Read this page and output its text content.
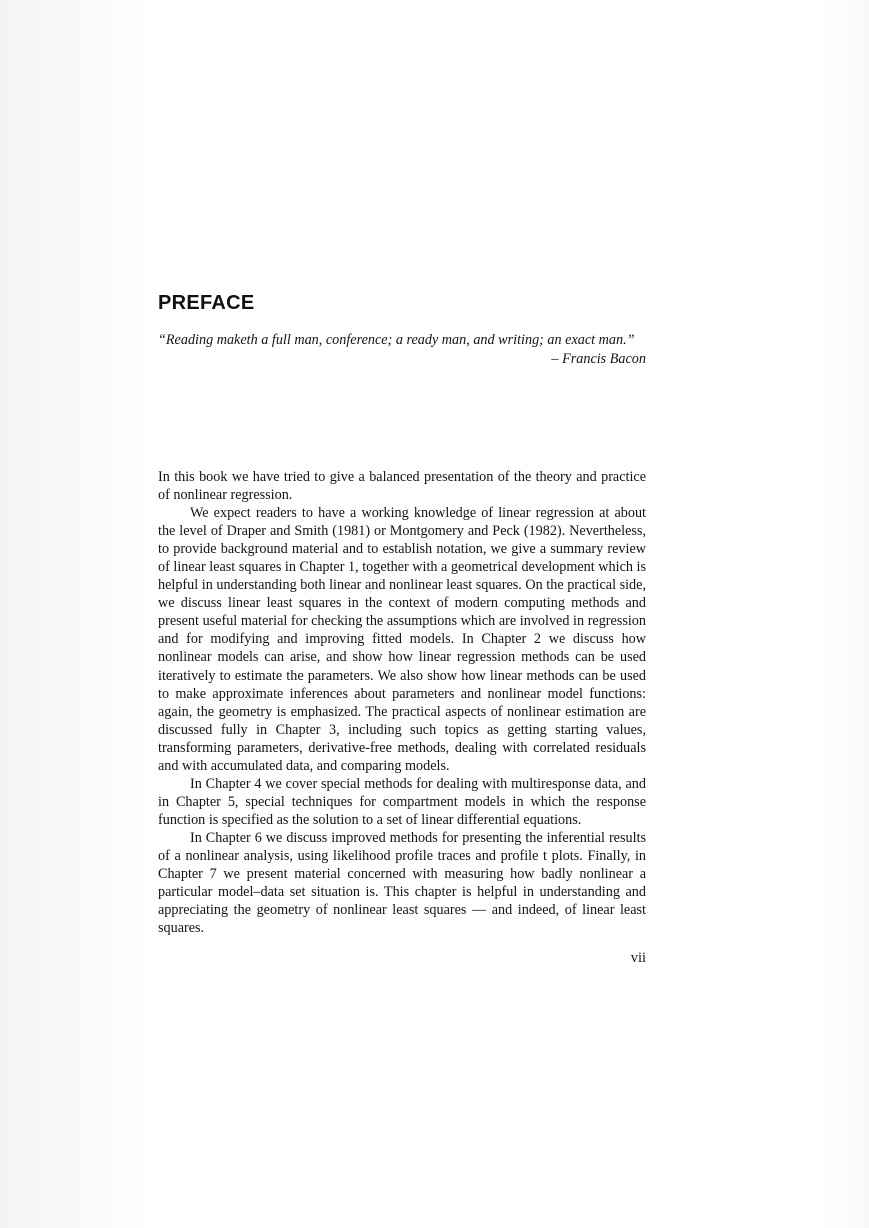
PREFACE

“Reading maketh a full man, conference; a ready man, and writing; an exact man.”

– Francis Bacon

In this book we have tried to give a balanced presentation of the theory and practice of nonlinear regression.

We expect readers to have a working knowledge of linear regression at about the level of Draper and Smith (1981) or Montgomery and Peck (1982). Nevertheless, to provide background material and to establish notation, we give a summary review of linear least squares in Chapter 1, together with a geometrical development which is helpful in understanding both linear and nonlinear least squares. On the practical side, we discuss linear least squares in the context of modern computing methods and present useful material for checking the assumptions which are involved in regression and for modifying and improving fitted models. In Chapter 2 we discuss how nonlinear models can arise, and show how linear regression methods can be used iteratively to estimate the parameters. We also show how linear methods can be used to make approximate inferences about parameters and nonlinear model functions: again, the geometry is emphasized. The practical aspects of nonlinear estimation are discussed fully in Chapter 3, including such topics as getting starting values, transforming parameters, derivative-free methods, dealing with correlated residuals and with accumulated data, and comparing models.

In Chapter 4 we cover special methods for dealing with multiresponse data, and in Chapter 5, special techniques for compartment models in which the response function is specified as the solution to a set of linear differential equations.

In Chapter 6 we discuss improved methods for presenting the inferential results of a nonlinear analysis, using likelihood profile traces and profile t plots. Finally, in Chapter 7 we present material concerned with measuring how badly nonlinear a particular model–data set situation is. This chapter is helpful in understanding and appreciating the geometry of nonlinear least squares — and indeed, of linear least squares.

vii
